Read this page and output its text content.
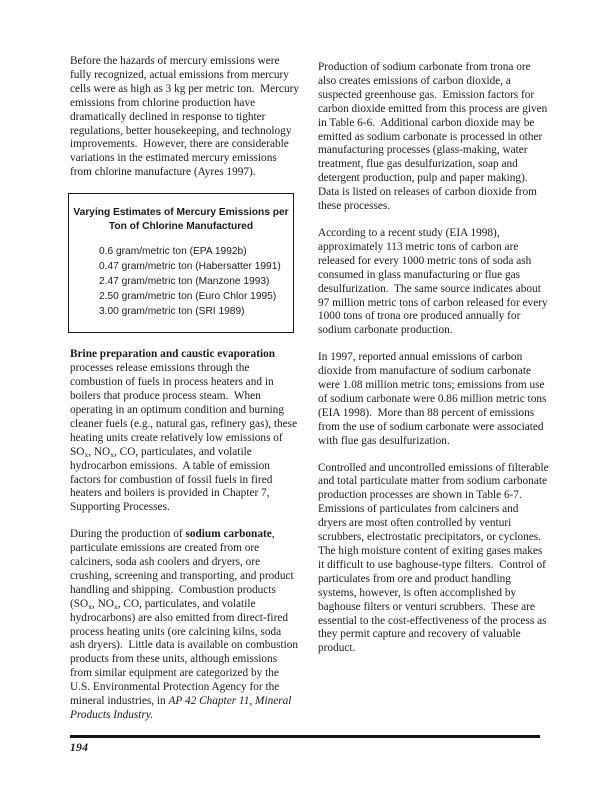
Before the hazards of mercury emissions were fully recognized, actual emissions from mercury cells were as high as 3 kg per metric ton.  Mercury emissions from chlorine production have dramatically declined in response to tighter regulations, better housekeeping, and technology improvements.  However, there are considerable variations in the estimated mercury emissions from chlorine manufacture (Ayres 1997).
Varying Estimates of Mercury Emissions per
Ton of Chlorine Manufactured
0.6 gram/metric ton (EPA 1992b)
0.47 gram/metric ton (Habersatter 1991)
2.47 gram/metric ton (Manzone 1993)
2.50 gram/metric ton (Euro Chlor 1995)
3.00 gram/metric ton (SRI 1989)
Brine preparation and caustic evaporation processes release emissions through the combustion of fuels in process heaters and in boilers that produce process steam.  When operating in an optimum condition and burning cleaner fuels (e.g., natural gas, refinery gas), these heating units create relatively low emissions of $SO_x$, $NO_x$, CO, particulates, and volatile hydrocarbon emissions.  A table of emission factors for combustion of fossil fuels in fired heaters and boilers is provided in Chapter 7, Supporting Processes.
During the production of sodium carbonate, particulate emissions are created from ore calciners, soda ash coolers and dryers, ore crushing, screening and transporting, and product handling and shipping.  Combustion products ($SO_x$, $NO_x$, CO, particulates, and volatile hydrocarbons) are also emitted from direct-fired process heating units (ore calcining kilns, soda ash dryers).  Little data is available on combustion products from these units, although emissions from similar equipment are categorized by the U.S. Environmental Protection Agency for the mineral industries, in AP 42 Chapter 11, Mineral Products Industry.
Production of sodium carbonate from trona ore also creates emissions of carbon dioxide, a suspected greenhouse gas.  Emission factors for carbon dioxide emitted from this process are given in Table 6-6.  Additional carbon dioxide may be emitted as sodium carbonate is processed in other manufacturing processes (glass-making, water treatment, flue gas desulfurization, soap and detergent production, pulp and paper making).  Data is listed on releases of carbon dioxide from these processes.
According to a recent study (EIA 1998), approximately 113 metric tons of carbon are released for every 1000 metric tons of soda ash consumed in glass manufacturing or flue gas desulfurization.  The same source indicates about 97 million metric tons of carbon released for every 1000 tons of trona ore produced annually for sodium carbonate production.
In 1997, reported annual emissions of carbon dioxide from manufacture of sodium carbonate were 1.08 million metric tons; emissions from use of sodium carbonate were 0.86 million metric tons (EIA 1998).  More than 88 percent of emissions from the use of sodium carbonate were associated with flue gas desulfurization.
Controlled and uncontrolled emissions of filterable and total particulate matter from sodium carbonate production processes are shown in Table 6-7.  Emissions of particulates from calciners and dryers are most often controlled by venturi scrubbers, electrostatic precipitators, or cyclones.  The high moisture content of exiting gases makes it difficult to use baghouse-type filters.  Control of particulates from ore and product handling systems, however, is often accomplished by baghouse filters or venturi scrubbers.  These are essential to the cost-effectiveness of the process as they permit capture and recovery of valuable product.
194
